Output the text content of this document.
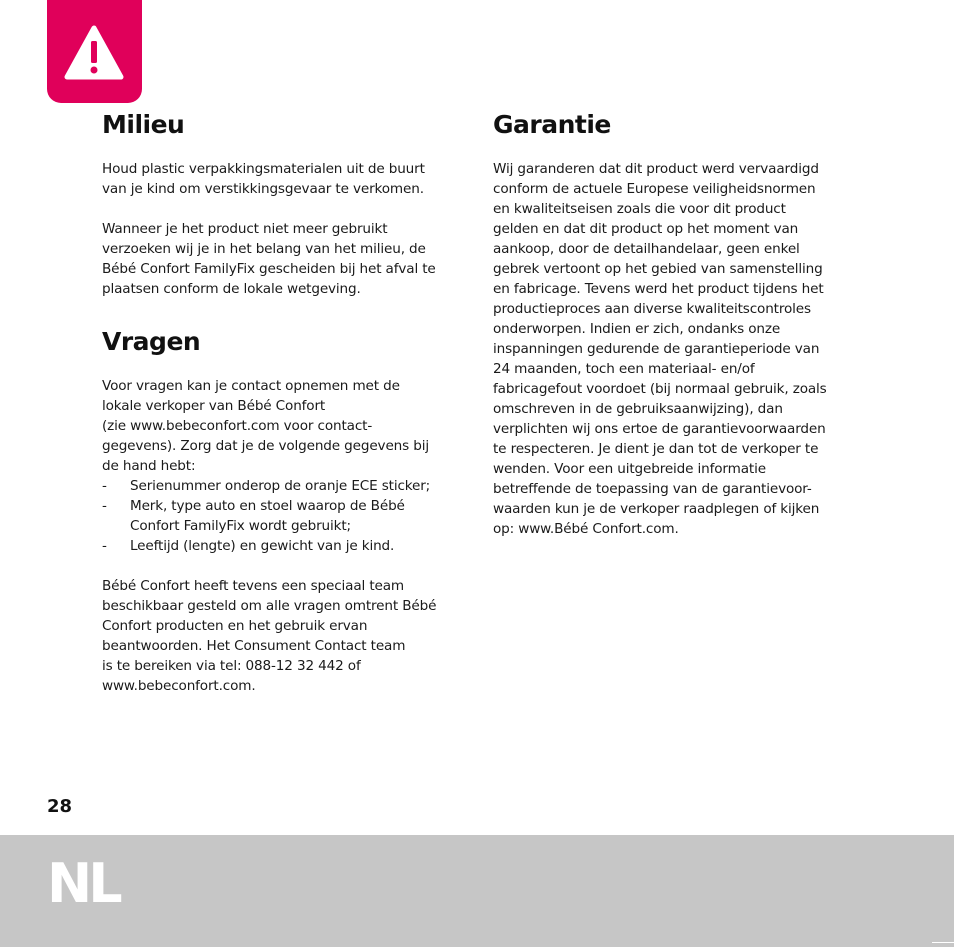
Milieu

Houd plastic verpakkingsmaterialen uit de buurt
van je kind om verstikkingsgevaar te verkomen.

Wanneer je het product niet meer gebruikt
verzoeken wij je in het belang van het milieu, de
Bébé Confort FamilyFix gescheiden bij het afval te
plaatsen conform de lokale wetgeving.

Vragen

Voor vragen kan je contact opnemen met de
lokale verkoper van Bébé Confort
(zie www.bebeconfort.com voor contact-
gegevens). Zorg dat je de volgende gegevens bij
de hand hebt:

- Serienummer onderop de oranje ECE sticker;
- Merk, type auto en stoel waarop de Bébé
Confort FamilyFix wordt gebruikt;
- Leeftijd (lengte) en gewicht van je kind.

Bébé Confort heeft tevens een speciaal team
beschikbaar gesteld om alle vragen omtrent Bébé
Confort producten en het gebruik ervan
beantwoorden. Het Consument Contact team
is te bereiken via tel: 088-12 32 442 of
www.bebeconfort.com.

Garantie

Wij garanderen dat dit product werd vervaardigd
conform de actuele Europese veiligheidsnormen
en kwaliteitseisen zoals die voor dit product
gelden en dat dit product op het moment van
aankoop, door de detailhandelaar, geen enkel
gebrek vertoont op het gebied van samenstelling
en fabricage. Tevens werd het product tijdens het
productieproces aan diverse kwaliteitscontroles
onderworpen. Indien er zich, ondanks onze
inspanningen gedurende de garantieperiode van
24 maanden, toch een materiaal- en/of
fabricagefout voordoet (bij normaal gebruik, zoals
omschreven in de gebruiksaanwijzing), dan
verplichten wij ons ertoe de garantievoorwaarden
te respecteren. Je dient je dan tot de verkoper te
wenden. Voor een uitgebreide informatie
betreffende de toepassing van de garantievoor-
waarden kun je de verkoper raadplegen of kijken
op: www.Bébé Confort.com.

28
NL
